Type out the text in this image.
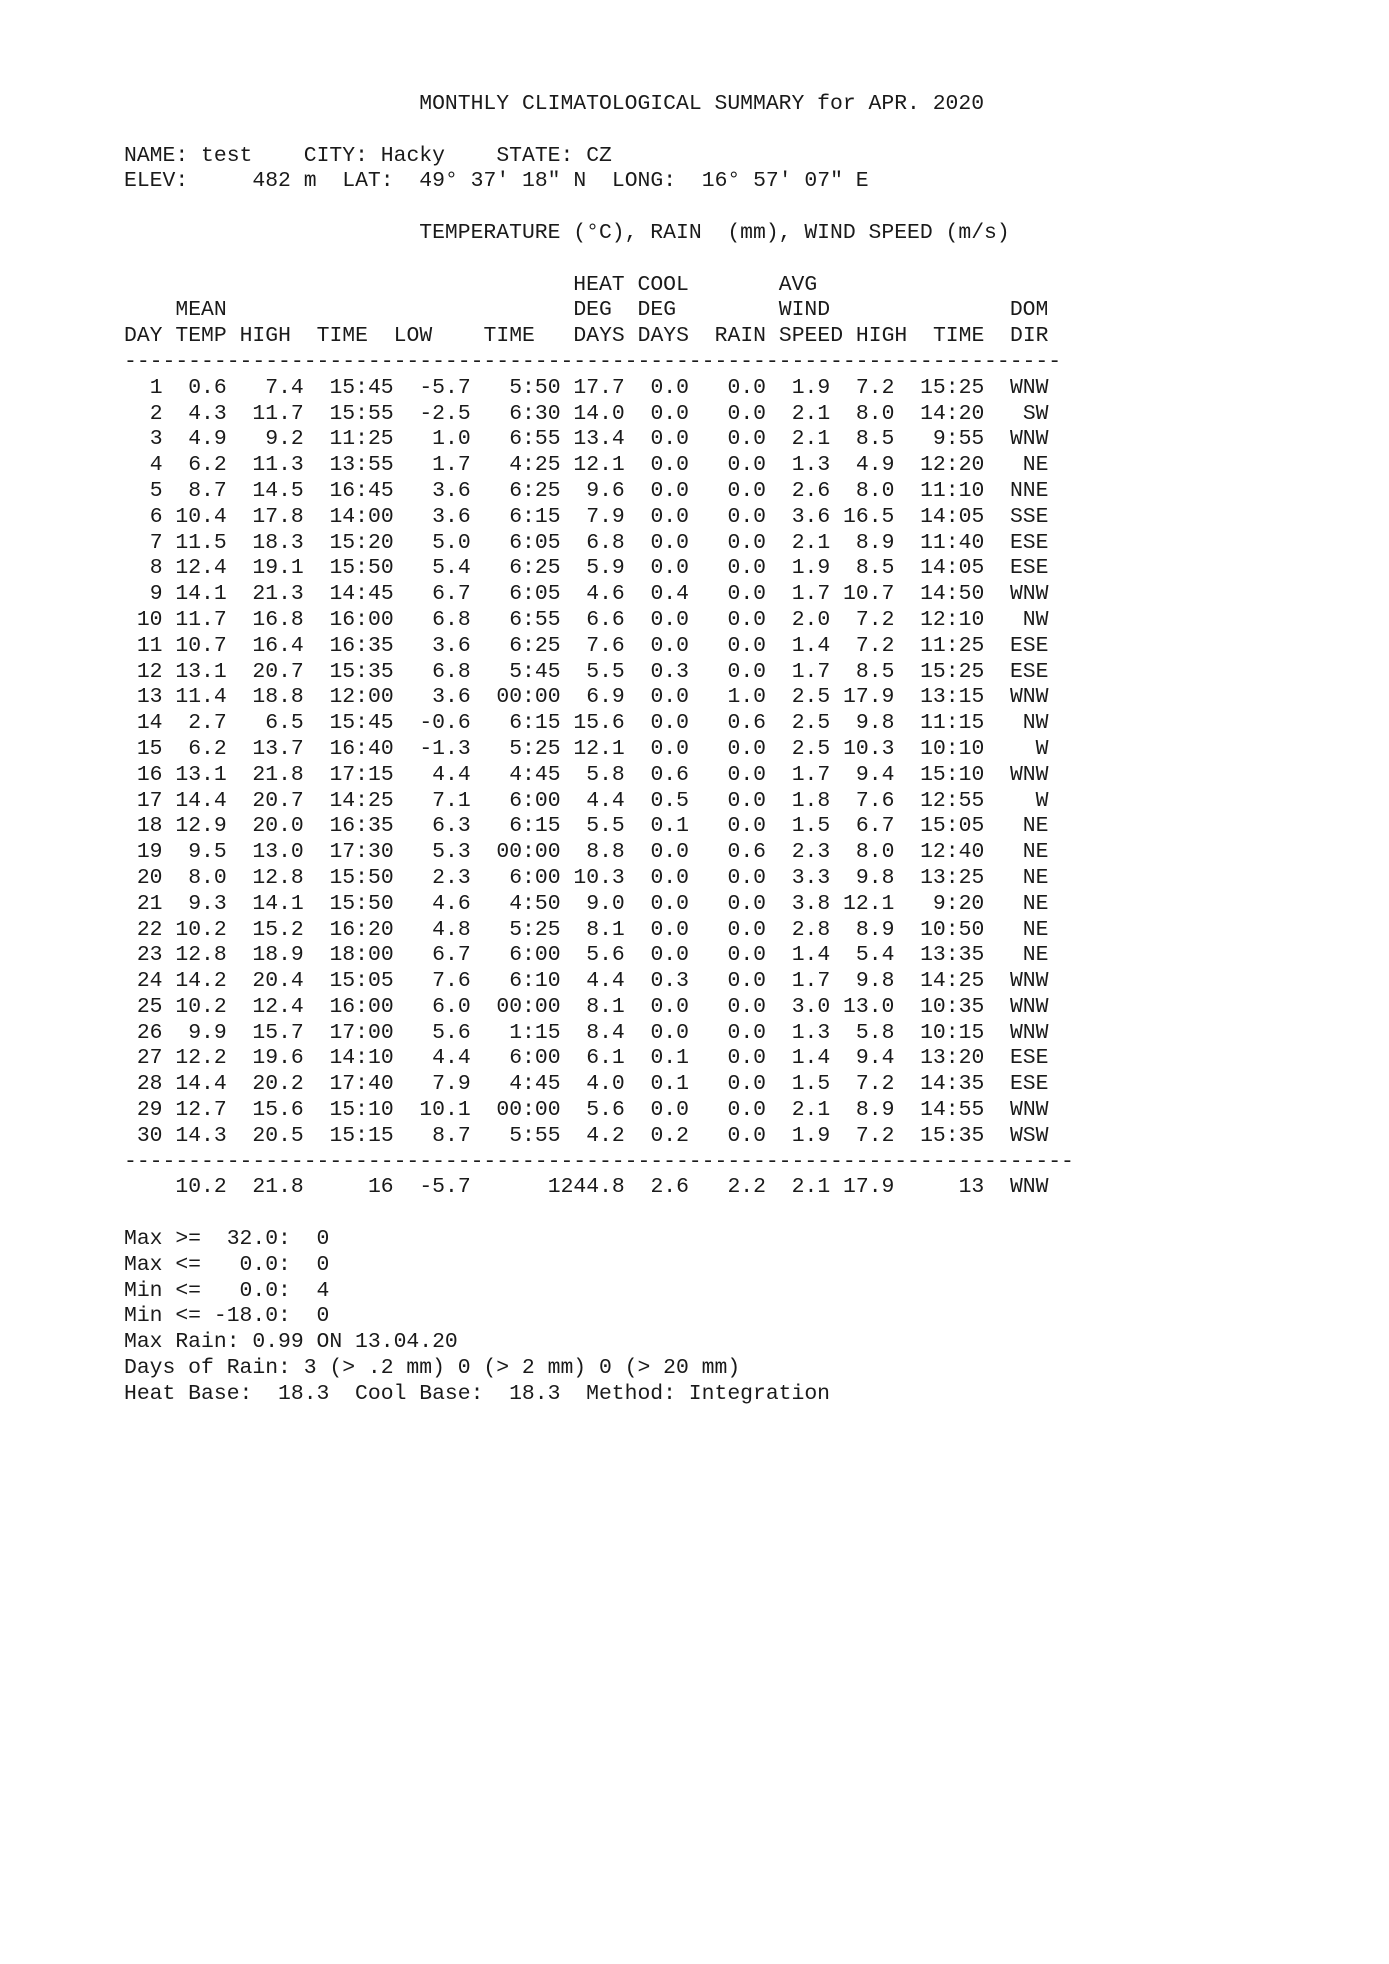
MONTHLY CLIMATOLOGICAL SUMMARY for APR. 2020
NAME: test CITY: Hacky STATE: CZ
ELEV:	482 m LAT: 49° 37' 18" N LONG: 16° 57' 07" E
TEMPERATURE (°C), RAIN  (mm), WIND SPEED (m/s)
HEAT COOL	AVG
MEAN	DEG DEG	WIND	DOM
DAY TEMP HIGH TIME LOW TIME DAYS DAYS RAIN SPEED HIGH TIME DIR
-------------------------------------------------------------------------
1 0.6 7.4 15:45 -5.7 5:50 17.7 0.0 0.0 1.9 7.2 15:25 WNW
2 4.3 11.7 15:55 -2.5 6:30 14.0 0.0 0.0 2.1 8.0 14:20 SW
3 4.9 9.2 11:25 1.0 6:55 13.4 0.0 0.0 2.1 8.5 9:55 WNW
4 6.2 11.3 13:55 1.7 4:25 12.1 0.0 0.0 1.3 4.9 12:20 NE
5 8.7 14.5 16:45 3.6 6:25 9.6 0.0 0.0 2.6 8.0 11:10 NNE
6 10.4 17.8 14:00 3.6 6:15 7.9 0.0 0.0 3.6 16.5 14:05 SSE
7 11.5 18.3 15:20 5.0 6:05 6.8 0.0 0.0 2.1 8.9 11:40 ESE
8 12.4 19.1 15:50 5.4 6:25 5.9 0.0 0.0 1.9 8.5 14:05 ESE
9 14.1 21.3 14:45 6.7 6:05 4.6 0.4 0.0 1.7 10.7 14:50 WNW
10 11.7 16.8 16:00 6.8 6:55 6.6 0.0 0.0 2.0 7.2 12:10 NW
11 10.7 16.4 16:35 3.6 6:25 7.6 0.0 0.0 1.4 7.2 11:25 ESE
12 13.1 20.7 15:35 6.8 5:45 5.5 0.3 0.0 1.7 8.5 15:25 ESE
13 11.4 18.8 12:00 3.6 00:00 6.9 0.0 1.0 2.5 17.9 13:15 WNW
14 2.7 6.5 15:45 -0.6 6:15 15.6 0.0 0.6 2.5 9.8 11:15 NW
15 6.2 13.7 16:40 -1.3 5:25 12.1 0.0 0.0 2.5 10.3 10:10 W
16 13.1 21.8 17:15 4.4 4:45 5.8 0.6 0.0 1.7 9.4 15:10 WNW
17 14.4 20.7 14:25 7.1 6:00 4.4 0.5 0.0 1.8 7.6 12:55 W
18 12.9 20.0 16:35 6.3 6:15 5.5 0.1 0.0 1.5 6.7 15:05 NE
19 9.5 13.0 17:30 5.3 00:00 8.8 0.0 0.6 2.3 8.0 12:40 NE
20 8.0 12.8 15:50 2.3 6:00 10.3 0.0 0.0 3.3 9.8 13:25 NE
21 9.3 14.1 15:50 4.6 4:50 9.0 0.0 0.0 3.8 12.1 9:20 NE
22 10.2 15.2 16:20 4.8 5:25 8.1 0.0 0.0 2.8 8.9 10:50 NE
23 12.8 18.9 18:00 6.7 6:00 5.6 0.0 0.0 1.4 5.4 13:35 NE
24 14.2 20.4 15:05 7.6 6:10 4.4 0.3 0.0 1.7 9.8 14:25 WNW
25 10.2 12.4 16:00 6.0 00:00 8.1 0.0 0.0 3.0 13.0 10:35 WNW
26 9.9 15.7 17:00 5.6 1:15 8.4 0.0 0.0 1.3 5.8 10:15 WNW
27 12.2 19.6 14:10 4.4 6:00 6.1 0.1 0.0 1.4 9.4 13:20 ESE
28 14.4 20.2 17:40 7.9 4:45 4.0 0.1 0.0 1.5 7.2 14:35 ESE
29 12.7 15.6 15:10 10.1 00:00 5.6 0.0 0.0 2.1 8.9 14:55 WNW
30 14.3 20.5 15:15 8.7 5:55 4.2 0.2 0.0 1.9 7.2 15:35 WSW
--------------------------------------------------------------------------
10.2 21.8	16 -5.7	1244.8 2.6 2.2 2.1 17.9	13 WNW
Max >=  32.0:  0
Max <=   0.0:  0
Min <=   0.0:  4
Min <= -18.0:  0
Max Rain: 0.99 ON 13.04.20
Days of Rain: 3 (> .2 mm) 0 (> 2 mm) 0 (> 20 mm)
Heat Base:  18.3  Cool Base:  18.3  Method: Integration
